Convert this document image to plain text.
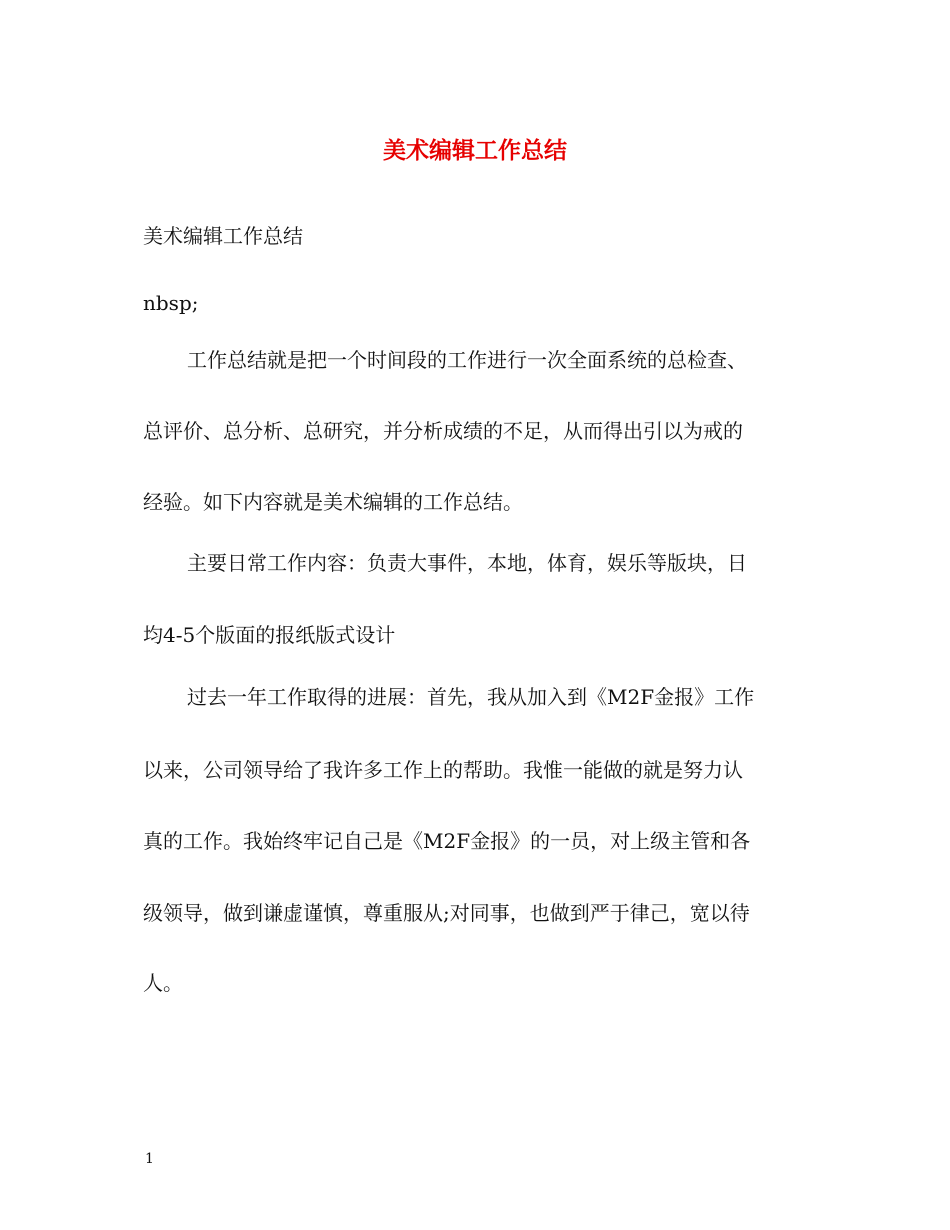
美术编辑工作总结
美术编辑工作总结
nbsp;
工作总结就是把一个时间段的工作进行一次全面系统的总检查、
总评价、总分析、总研究，并分析成绩的不足，从而得出引以为戒的
经验。如下内容就是美术编辑的工作总结。
主要日常工作内容：负责大事件，本地，体育，娱乐等版块，日
均4-5个版面的报纸版式设计
过去一年工作取得的进展：首先，我从加入到《M2F金报》工作
以来，公司领导给了我许多工作上的帮助。我惟一能做的就是努力认
真的工作。我始终牢记自己是《M2F金报》的一员，对上级主管和各
级领导，做到谦虚谨慎，尊重服从;对同事，也做到严于律己，宽以待
人。
1
